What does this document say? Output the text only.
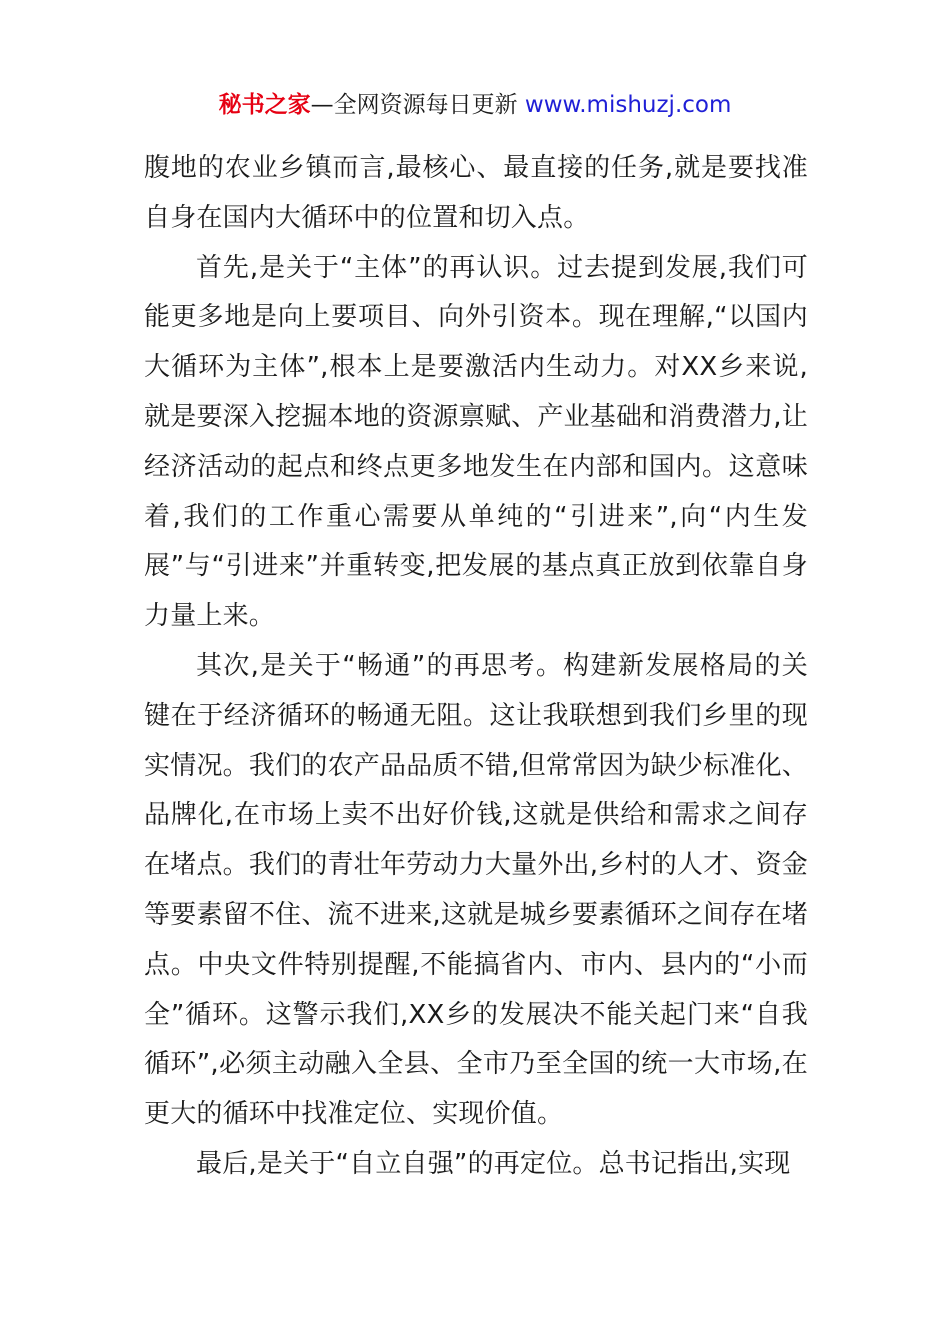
秘书之家—全网资源每日更新 www.mishuzj.com

腹地的农业乡镇而言,最核心、最直接的任务,就是要找准自身在国内大循环中的位置和切入点。

首先,是关于“主体”的再认识。过去提到发展,我们可能更多地是向上要项目、向外引资本。现在理解,“以国内大循环为主体”,根本上是要激活内生动力。对XX乡来说,就是要深入挖掘本地的资源禀赋、产业基础和消费潜力,让经济活动的起点和终点更多地发生在内部和国内。这意味着,我们的工作重心需要从单纯的“引进来”,向“内生发展”与“引进来”并重转变,把发展的基点真正放到依靠自身力量上来。

其次,是关于“畅通”的再思考。构建新发展格局的关键在于经济循环的畅通无阻。这让我联想到我们乡里的现实情况。我们的农产品品质不错,但常常因为缺少标准化、品牌化,在市场上卖不出好价钱,这就是供给和需求之间存在堵点。我们的青壮年劳动力大量外出,乡村的人才、资金等要素留不住、流不进来,这就是城乡要素循环之间存在堵点。中央文件特别提醒,不能搞省内、市内、县内的“小而全”循环。这警示我们,XX乡的发展决不能关起门来“自我循环”,必须主动融入全县、全市乃至全国的统一大市场,在更大的循环中找准定位、实现价值。

最后,是关于“自立自强”的再定位。总书记指出,实现
